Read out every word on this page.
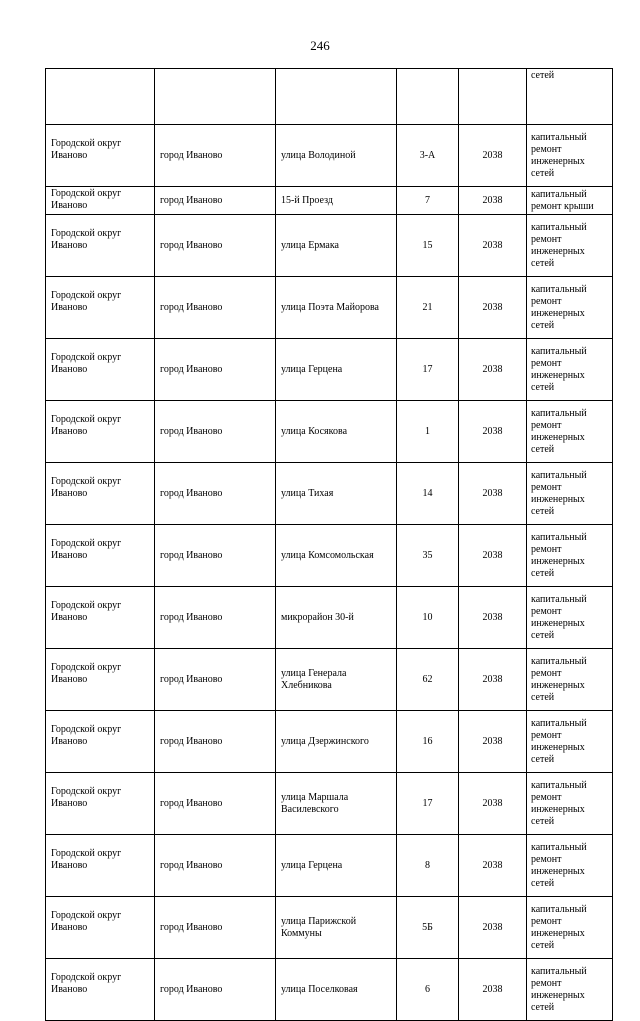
246
					сетей
Городской округ Иваново	город Иваново	улица Володиной	3-А	2038	капитальный ремонт инженерных сетей
Городской округ Иваново	город Иваново	15-й Проезд	7	2038	капитальный ремонт крыши
Городской округ Иваново	город Иваново	улица Ермака	15	2038	капитальный ремонт инженерных сетей
Городской округ Иваново	город Иваново	улица Поэта Майорова	21	2038	капитальный ремонт инженерных сетей
Городской округ Иваново	город Иваново	улица Герцена	17	2038	капитальный ремонт инженерных сетей
Городской округ Иваново	город Иваново	улица Косякова	1	2038	капитальный ремонт инженерных сетей
Городской округ Иваново	город Иваново	улица Тихая	14	2038	капитальный ремонт инженерных сетей
Городской округ Иваново	город Иваново	улица Комсомольская	35	2038	капитальный ремонт инженерных сетей
Городской округ Иваново	город Иваново	микрорайон 30-й	10	2038	капитальный ремонт инженерных сетей
Городской округ Иваново	город Иваново	улица Генерала Хлебникова	62	2038	капитальный ремонт инженерных сетей
Городской округ Иваново	город Иваново	улица Дзержинского	16	2038	капитальный ремонт инженерных сетей
Городской округ Иваново	город Иваново	улица Маршала Василевского	17	2038	капитальный ремонт инженерных сетей
Городской округ Иваново	город Иваново	улица Герцена	8	2038	капитальный ремонт инженерных сетей
Городской округ Иваново	город Иваново	улица Парижской Коммуны	5Б	2038	капитальный ремонт инженерных сетей
Городской округ Иваново	город Иваново	улица Поселковая	6	2038	капитальный ремонт инженерных сетей
